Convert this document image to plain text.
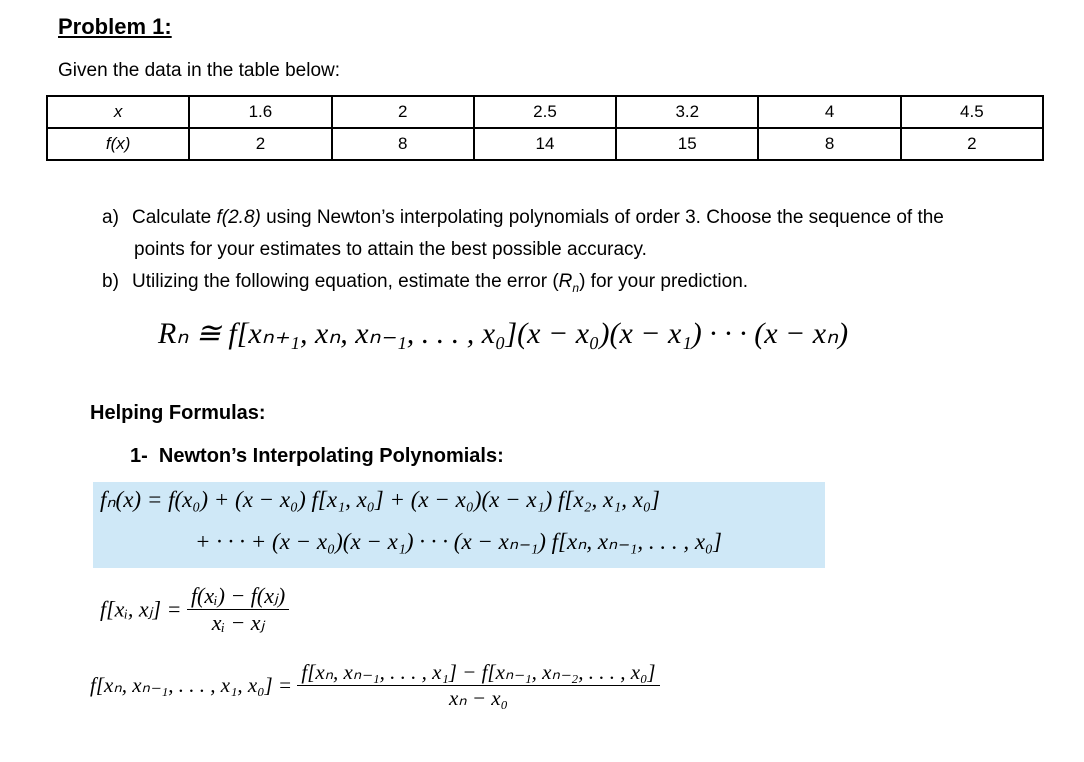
Problem 1:
Given the data in the table below:
x	1.6	2	2.5	3.2	4	4.5
f(x)	2	8	14	15	8	2
a) Calculate f(2.8) using Newton’s interpolating polynomials of order 3. Choose the sequence of the
points for your estimates to attain the best possible accuracy.
b) Utilizing the following equation, estimate the error $(R_n)$ for your prediction.
Rₙ ≅ f[xₙ₊₁, xₙ, xₙ₋₁, . . . , x₀](x − x₀)(x − x₁) · · · (x − xₙ)
Helping Formulas:
1- Newton’s Interpolating Polynomials:
fₙ(x) = f(x₀) + (x − x₀) f[x₁, x₀] + (x − x₀)(x − x₁) f[x₂, x₁, x₀]
+ · · · + (x − x₀)(x − x₁) · · · (x − xₙ₋₁) f[xₙ, xₙ₋₁, . . . , x₀]
f[xᵢ, xⱼ] = $\frac{\text{f(xᵢ) − f(xⱼ)}}{\text{xᵢ − xⱼ}}$
f[xₙ, xₙ₋₁, . . . , x₁, $x_0] = \frac{\text{f[xₙ, xₙ₋₁, . . . , x₁] − f[xₙ₋₁, xₙ₋₂, . . . , x₀]}}{\text{xₙ − x₀}}$
